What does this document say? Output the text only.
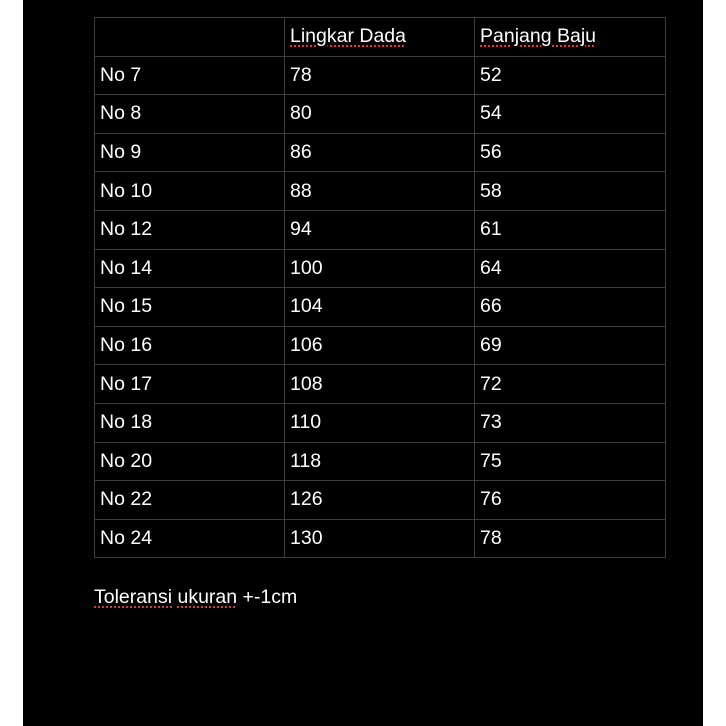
	Lingkar Dada	Panjang Baju
No 7	78	52
No 8	80	54
No 9	86	56
No 10	88	58
No 12	94	61
No 14	100	64
No 15	104	66
No 16	106	69
No 17	108	72
No 18	110	73
No 20	118	75
No 22	126	76
No 24	130	78
Toleransi ukuran +-1cm
